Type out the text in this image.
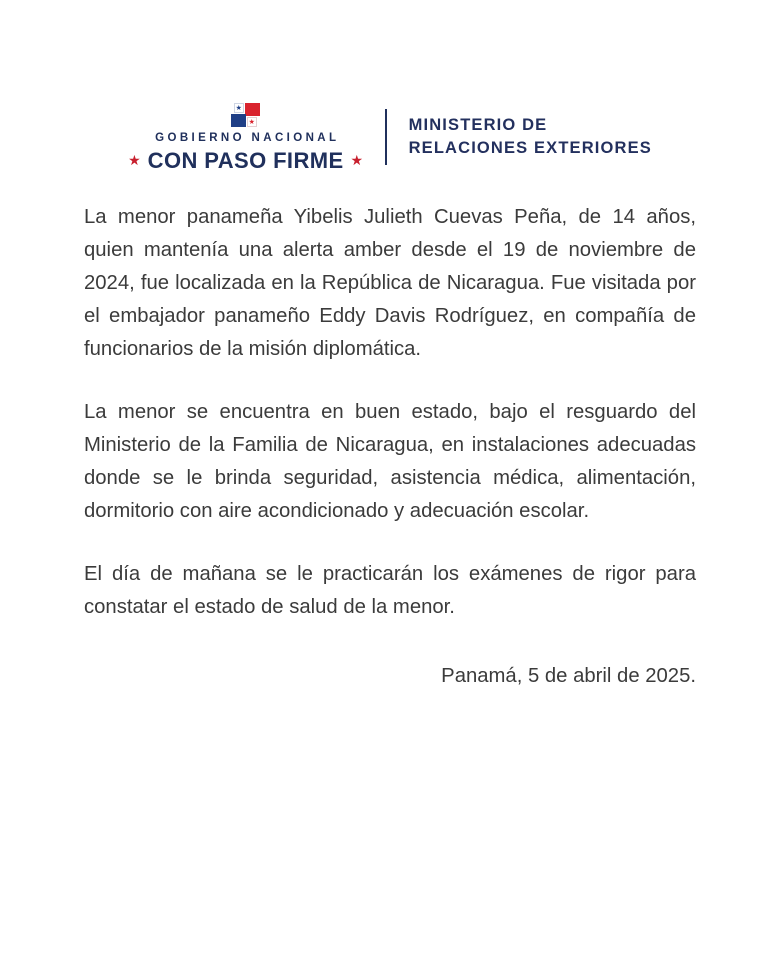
★
★
GOBIERNO NACIONAL
★ CON PASO FIRME ★
MINISTERIO DE
RELACIONES EXTERIORES

La menor panameña Yibelis Julieth Cuevas Peña, de 14 años, quien mantenía una alerta amber desde el 19 de noviembre de 2024, fue localizada en la República de Nicaragua. Fue visitada por el embajador panameño Eddy Davis Rodríguez, en compañía de funcionarios de la misión diplomática.

La menor se encuentra en buen estado, bajo el resguardo del Ministerio de la Familia de Nicaragua, en instalaciones adecuadas donde se le brinda seguridad, asistencia médica, alimentación, dormitorio con aire acondicionado y adecuación escolar.

El día de mañana se le practicarán los exámenes de rigor para constatar el estado de salud de la menor.

Panamá, 5 de abril de 2025.
